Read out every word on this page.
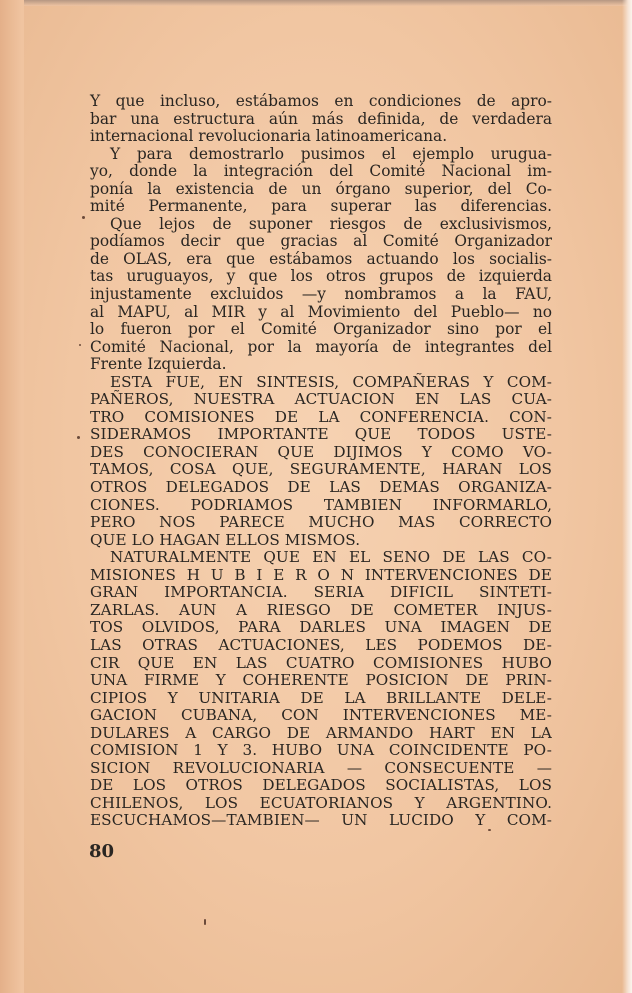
Y que incluso, estábamos en condiciones de apro-
bar una estructura aún más definida, de verdadera
internacional revolucionaria latinoamericana.
Y para demostrarlo pusimos el ejemplo urugua-
yo, donde la integración del Comité Nacional im-
ponía la existencia de un órgano superior, del Co-
mité Permanente, para superar las diferencias.
Que lejos de suponer riesgos de exclusivismos,
podíamos decir que gracias al Comité Organizador
de OLAS, era que estábamos actuando los socialis-
tas uruguayos, y que los otros grupos de izquierda
injustamente excluidos —y nombramos a la FAU,
al MAPU, al MIR y al Movimiento del Pueblo— no
lo fueron por el Comité Organizador sino por el
Comité Nacional, por la mayoría de integrantes del
Frente Izquierda.
ESTA FUE, EN SINTESIS, COMPAÑERAS Y COM-
PAÑEROS, NUESTRA ACTUACION EN LAS CUA-
TRO COMISIONES DE LA CONFERENCIA. CON-
SIDERAMOS IMPORTANTE QUE TODOS USTE-
DES CONOCIERAN QUE DIJIMOS Y COMO VO-
TAMOS, COSA QUE, SEGURAMENTE, HARAN LOS
OTROS DELEGADOS DE LAS DEMAS ORGANIZA-
CIONES. PODRIAMOS TAMBIEN INFORMARLO,
PERO NOS PARECE MUCHO MAS CORRECTO
QUE LO HAGAN ELLOS MISMOS.
NATURALMENTE QUE EN EL SENO DE LAS CO-
MISIONES H U B I E R O N INTERVENCIONES DE
GRAN IMPORTANCIA. SERIA DIFICIL SINTETI-
ZARLAS. AUN A RIESGO DE COMETER INJUS-
TOS OLVIDOS, PARA DARLES UNA IMAGEN DE
LAS OTRAS ACTUACIONES, LES PODEMOS DE-
CIR QUE EN LAS CUATRO COMISIONES HUBO
UNA FIRME Y COHERENTE POSICION DE PRIN-
CIPIOS Y UNITARIA DE LA BRILLANTE DELE-
GACION CUBANA, CON INTERVENCIONES ME-
DULARES A CARGO DE ARMANDO HART EN LA
COMISION 1 Y 3. HUBO UNA COINCIDENTE PO-
SICION REVOLUCIONARIA — CONSECUENTE —
DE LOS OTROS DELEGADOS SOCIALISTAS, LOS
CHILENOS, LOS ECUATORIANOS Y ARGENTINO.
ESCUCHAMOS—TAMBIEN— UN LUCIDO Y COM-
80
